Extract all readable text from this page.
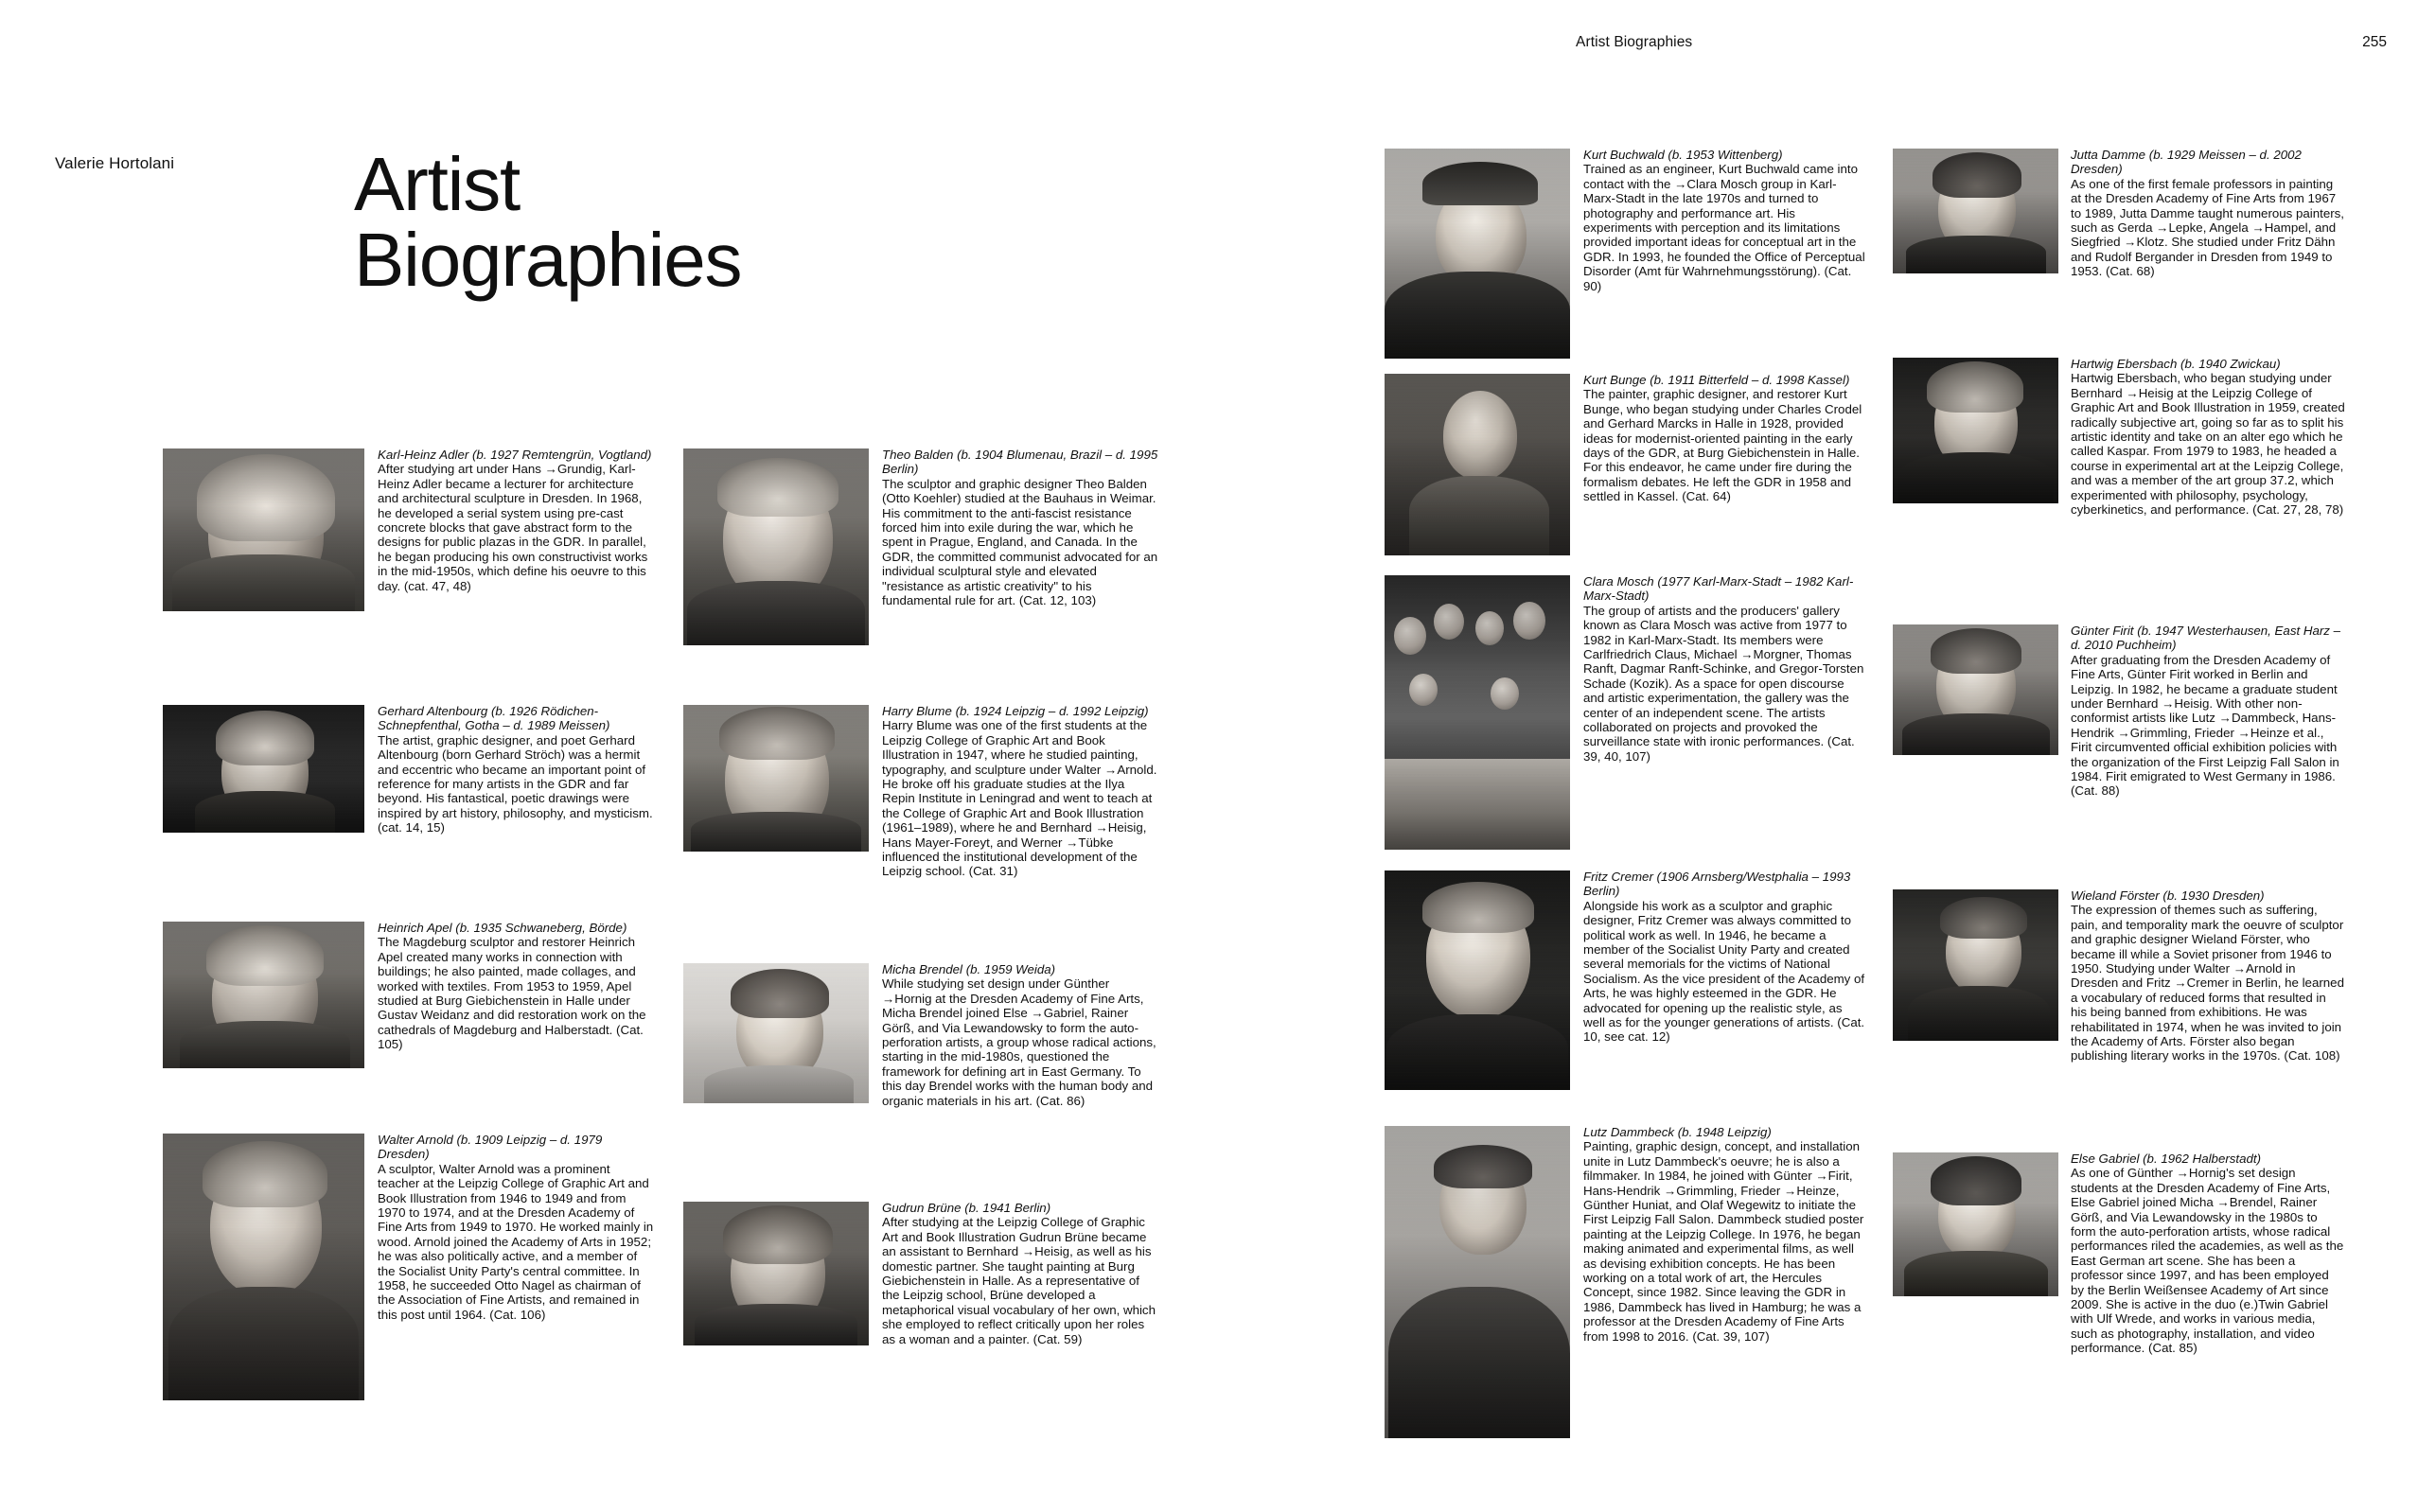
Artist Biographies	255
Valerie Hortolani Artist
Biographies

Karl-Heinz Adler (b. 1927 Remtengrün, Vogtland)

After studying art under Hans →Grundig, Karl-Heinz Adler became a lecturer for architecture and architectural sculpture in Dresden. In 1968, he developed a serial system using pre-cast concrete blocks that gave abstract form to the designs for public plazas in the GDR. In parallel, he began producing his own constructivist works in the mid-1950s, which define his oeuvre to this day. (cat. 47, 48)

Gerhard Altenbourg (b. 1926 Rödichen-Schnepfenthal, Gotha – d. 1989 Meissen)

The artist, graphic designer, and poet Gerhard Altenbourg (born Gerhard Ströch) was a hermit and eccentric who became an important point of reference for many artists in the GDR and far beyond. His fantastical, poetic drawings were inspired by art history, philosophy, and mysticism. (cat. 14, 15)

Heinrich Apel (b. 1935 Schwaneberg, Börde)

The Magdeburg sculptor and restorer Heinrich Apel created many works in connection with buildings; he also painted, made collages, and worked with textiles. From 1953 to 1959, Apel studied at Burg Giebichenstein in Halle under Gustav Weidanz and did restoration work on the cathedrals of Magdeburg and Halberstadt. (Cat. 105)

Walter Arnold (b. 1909 Leipzig – d. 1979 Dresden)

A sculptor, Walter Arnold was a prominent teacher at the Leipzig College of Graphic Art and Book Illustration from 1946 to 1949 and from 1970 to 1974, and at the Dresden Academy of Fine Arts from 1949 to 1970. He worked mainly in wood. Arnold joined the Academy of Arts in 1952; he was also politically active, and a member of the Socialist Unity Party's central committee. In 1958, he succeeded Otto Nagel as chairman of the Association of Fine Artists, and remained in this post until 1964. (Cat. 106)

Theo Balden (b. 1904 Blumenau, Brazil – d. 1995 Berlin)

The sculptor and graphic designer Theo Balden (Otto Koehler) studied at the Bauhaus in Weimar. His commitment to the anti-fascist resistance forced him into exile during the war, which he spent in Prague, England, and Canada. In the GDR, the committed communist advocated for an individual sculptural style and elevated "resistance as artistic creativity" to his fundamental rule for art. (Cat. 12, 103)

Harry Blume (b. 1924 Leipzig – d. 1992 Leipzig)

Harry Blume was one of the first students at the Leipzig College of Graphic Art and Book Illustration in 1947, where he studied painting, typography, and sculpture under Walter →Arnold. He broke off his graduate studies at the Ilya Repin Institute in Leningrad and went to teach at the College of Graphic Art and Book Illustration (1961–1989), where he and Bernhard →Heisig, Hans Mayer-Foreyt, and Werner →Tübke influenced the institutional development of the Leipzig school. (Cat. 31)

Micha Brendel (b. 1959 Weida)

While studying set design under Günther →Hornig at the Dresden Academy of Fine Arts, Micha Brendel joined Else →Gabriel, Rainer Görß, and Via Lewandowsky to form the auto-perforation artists, a group whose radical actions, starting in the mid-1980s, questioned the framework for defining art in East Germany. To this day Brendel works with the human body and organic materials in his art. (Cat. 86)

Gudrun Brüne (b. 1941 Berlin)

After studying at the Leipzig College of Graphic Art and Book Illustration Gudrun Brüne became an assistant to Bernhard →Heisig, as well as his domestic partner. She taught painting at Burg Giebichenstein in Halle. As a representative of the Leipzig school, Brüne developed a metaphorical visual vocabulary of her own, which she employed to reflect critically upon her roles as a woman and a painter. (Cat. 59)

Kurt Buchwald (b. 1953 Wittenberg)

Trained as an engineer, Kurt Buchwald came into contact with the →Clara Mosch group in Karl-Marx-Stadt in the late 1970s and turned to photography and performance art. His experiments with perception and its limitations provided important ideas for conceptual art in the GDR. In 1993, he founded the Office of Perceptual Disorder (Amt für Wahrnehmungsstörung). (Cat. 90)

Kurt Bunge (b. 1911 Bitterfeld – d. 1998 Kassel)

The painter, graphic designer, and restorer Kurt Bunge, who began studying under Charles Crodel and Gerhard Marcks in Halle in 1928, provided ideas for modernist-oriented painting in the early days of the GDR, at Burg Giebichenstein in Halle. For this endeavor, he came under fire during the formalism debates. He left the GDR in 1958 and settled in Kassel. (Cat. 64)

Clara Mosch (1977 Karl-Marx-Stadt – 1982 Karl-Marx-Stadt)

The group of artists and the producers' gallery known as Clara Mosch was active from 1977 to 1982 in Karl-Marx-Stadt. Its members were Carlfriedrich Claus, Michael →Morgner, Thomas Ranft, Dagmar Ranft-Schinke, and Gregor-Torsten Schade (Kozik). As a space for open discourse and artistic experimentation, the gallery was the center of an independent scene. The artists collaborated on projects and provoked the surveillance state with ironic performances. (Cat. 39, 40, 107)

Fritz Cremer (1906 Arnsberg/Westphalia – 1993 Berlin)

Alongside his work as a sculptor and graphic designer, Fritz Cremer was always committed to political work as well. In 1946, he became a member of the Socialist Unity Party and created several memorials for the victims of National Socialism. As the vice president of the Academy of Arts, he was highly esteemed in the GDR. He advocated for opening up the realistic style, as well as for the younger generations of artists. (Cat. 10, see cat. 12)

Lutz Dammbeck (b. 1948 Leipzig)

Painting, graphic design, concept, and installation unite in Lutz Dammbeck's oeuvre; he is also a filmmaker. In 1984, he joined with Günter →Firit, Hans-Hendrik →Grimmling, Frieder →Heinze, Günther Huniat, and Olaf Wegewitz to initiate the First Leipzig Fall Salon. Dammbeck studied poster painting at the Leipzig College. In 1976, he began making animated and experimental films, as well as devising exhibition concepts. He has been working on a total work of art, the Hercules Concept, since 1982. Since leaving the GDR in 1986, Dammbeck has lived in Hamburg; he was a professor at the Dresden Academy of Fine Arts from 1998 to 2016. (Cat. 39, 107)

Jutta Damme (b. 1929 Meissen – d. 2002 Dresden)

As one of the first female professors in painting at the Dresden Academy of Fine Arts from 1967 to 1989, Jutta Damme taught numerous painters, such as Gerda →Lepke, Angela →Hampel, and Siegfried →Klotz. She studied under Fritz Dähn and Rudolf Bergander in Dresden from 1949 to 1953. (Cat. 68)

Hartwig Ebersbach (b. 1940 Zwickau)

Hartwig Ebersbach, who began studying under Bernhard →Heisig at the Leipzig College of Graphic Art and Book Illustration in 1959, created radically subjective art, going so far as to split his artistic identity and take on an alter ego which he called Kaspar. From 1979 to 1983, he headed a course in experimental art at the Leipzig College, and was a member of the art group 37.2, which experimented with philosophy, psychology, cyberkinetics, and performance. (Cat. 27, 28, 78)

Günter Firit (b. 1947 Westerhausen, East Harz – d. 2010 Puchheim)

After graduating from the Dresden Academy of Fine Arts, Günter Firit worked in Berlin and Leipzig. In 1982, he became a graduate student under Bernhard →Heisig. With other non-conformist artists like Lutz →Dammbeck, Hans-Hendrik →Grimmling, Frieder →Heinze et al., Firit circumvented official exhibition policies with the organization of the First Leipzig Fall Salon in 1984. Firit emigrated to West Germany in 1986. (Cat. 88)

Wieland Förster (b. 1930 Dresden)

The expression of themes such as suffering, pain, and temporality mark the oeuvre of sculptor and graphic designer Wieland Förster, who became ill while a Soviet prisoner from 1946 to 1950. Studying under Walter →Arnold in Dresden and Fritz →Cremer in Berlin, he learned a vocabulary of reduced forms that resulted in his being banned from exhibitions. He was rehabilitated in 1974, when he was invited to join the Academy of Arts. Förster also began publishing literary works in the 1970s. (Cat. 108)

Else Gabriel (b. 1962 Halberstadt)

As one of Günther →Hornig's set design students at the Dresden Academy of Fine Arts, Else Gabriel joined Micha →Brendel, Rainer Görß, and Via Lewandowsky in the 1980s to form the auto-perforation artists, whose radical performances riled the academies, as well as the East German art scene. She has been a professor since 1997, and has been employed by the Berlin Weißensee Academy of Art since 2009. She is active in the duo (e.)Twin Gabriel with Ulf Wrede, and works in various media, such as photography, installation, and video performance. (Cat. 85)
